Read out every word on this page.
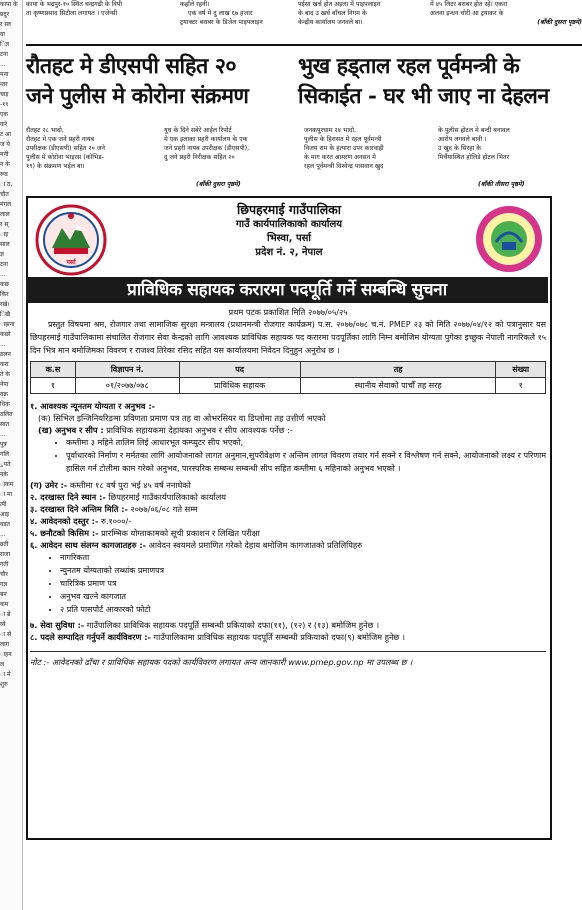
कापा के
प्रदुर
र स्ल
वा
िज्ञ
टना
...
मना
न्तर
चाइ
-१९
एक
करे
ट आ
ज ये
मनी
न के
रूड
ा ठ,
चौत
मंगल
लाल
र स्
ाइ
साल
ज्ञ
टना
...
कछ
किर
रखे।
िखै
ाझना
कछो
...
ठलन
करा
ते के
नेपा
वक्र
धिक
ठलित
स्वत
...
पुत्र
गलि
ुपते
नके
ाकम
ा मा
त्पी
आइ
वडत
...
व्रती
राजा
गती
चौर
गज्ञ
बन
कम
ा ब्रे
व्ये
ा से
लाग
ाहन
ल
ा मे
शुरु
कापा के भद्रपुर-१० स्थित चन्द्रगढी के विपी
ता कृष्णप्रसाद सिटौला लगायत । एजेन्सी
कहाँले रहनी।
एक वर्ष में दु लाख ६७ हजार
ट्रयाक्टर बराबर के डिजेल पाइपलाइन
पईसा खर्च होत अइला में पाइपलाइन
के बाद उ खर्च बाँचल निगम के
केन्द्रीय कार्यालय जनवले बा।
में ४५ लिटर बराबर होत रहे। एकरा
अलवा इन्धन चोरी आ ट्रयाकर के
(बाँकी दुसरा पृष्ठमे)
रौतहट मे डीएसपी सहित २०
जने पुलीस मे कोरोना संक्रमण
भुख हड्ताल रहल पूर्वमन्त्री के
सिकाईत - घर भी जाए ना देहलन
रौतहट २८ भादो,
रौतहट मे एक जने प्रहरी नायब
उपरीक्षक (डीएसपी) सहित २० जने
पुलीस में कोरोना भाइरस (कोभिड-
१९) के संक्रमण भईल बा।
युध के दिने सबेरे आईल रिपोर्ट
मे एक इलाका प्रहरी कार्यालय के एक
जने प्रहरी नायब उपरीक्षक (डीएसपी),
दु जने प्रहरी निरीक्षक सहित २०
(बाँकी दुसरा पृष्ठमे)
जनकपुरधाम २४ भादो,
पुलीस के हिरासत मे रहल पूर्वमन्त्री
विजय राम के हत्यारा उपर कारवाही
के माग करत आमरण अनसन मे
रहल पूर्वमन्त्री विश्वेन्द्र पासवान खुद
के पुलीस होटल मे बन्दी बनावल
आरोप लगवले बानी ।
उ खुद के सिरहा के
मिर्चैयास्थित होलिडे होटल भितर
(बाँकी तीसरा पृष्ठमे)
पर्सा
छिपहरमाई गाउँपालिका
गाउँ कार्यपालिकाको कार्यालय
भिस्वा, पर्सा
प्रदेश नं. २, नेपाल
प्राविधिक सहायक करारमा पदपूर्ति गर्ने सम्बन्धि सुचना
प्रथम पटक प्रकाशित मिति २०७७/०५/२५
प्रस्तुत विषयमा श्रम, रोजगार तथा सामाजिक सुरक्षा मन्त्रालय (प्रधानमन्त्री रोजगार कार्यक्रम) प.स. २०७७/०७८ च.नं. PMEP २३ को मिति २०७७/०४/१२ को पत्रानुसार यस छिपहरमाई गाउँपालिकामा संचालित रोजगार सेवा केन्द्रको लागि आवश्यक प्राविधिक सहायक पद करारमा पदपूर्तिका लागि निम्न बमोजिम योग्यता पुगेका इच्छुक नेपाली नागरिकले १५ दिन भित्र मान बमोजिमका विवरण र राजश्व तिरेका रसिद सहित यस कार्यालयमा निवेदन दिनुहुन अनुरोध छ ।
क.स	विज्ञापन नं.	पद	तह	संख्या
१	०१/२०७७/०७८	प्राविधिक सहायक	स्थानीय सेवाको पाचौँ तह सरह	१
१. आवश्यक न्यूनतम योग्यता र अनुभव :-
(क) सिभिल इन्जिनियरिङमा प्रविणता प्रमाण पत्र तह वा ओभरसियर वा डिप्लोमा तह उत्तीर्ण भएको
(ख) अनुभव र सीप : प्राविधिक सहायकमा देहायका अनुभव र सीप आवश्यक पर्नेछ :-
• कम्तीमा ३ महिने तालिम लिई आधारभूत कम्प्युटर सीप भएको,
• पूर्वाधारको निर्माण र मर्मतका लागि आयोजनाको लागत अनुमान,सुपरीवेक्षण र अन्तिम लागत विवरण तयार गर्न सक्ने र विश्लेषण गर्न सक्ने, आयोजनाको लक्ष्य र परिणाम हासिल गर्न टोलीमा काम गरेको अनुभव, पारस्परिक सम्बन्ध सम्बन्धी सीप सहित कम्तीमा ६ महिनाको अनुभव भएको ।
(ग) उमेर :- कम्तीमा १८ वर्ष पुरा भई ४५ वर्ष ननाघेको
२. दरखास्त दिने स्थान :- छिपहरमाई गाउँकार्यपालिकाको कार्यालय
३. दरखास्त दिने अन्तिम मिति :- २०७७/०६/०८ गते सम्म
४. आवेदनको दस्तुर :- रु.१०००/-
५. छनौटको किसिम :- प्रारम्भिक योग्ताकामको सूची प्रकाशन र लिखित परीक्षा
६. आवेदन साथ संलग्न कागजातहरु :- आवेदन स्वयमले प्रमाणित गरेको देहाय बमोजिम कागजातको प्रतिलिपिहरु
• नागरिकता
• न्युनतम योग्यताको लब्धांक प्रमाणपत्र
• चारित्रिक प्रमाण पत्र
• अनुभव खल्ने कागजात
• २ प्रति पासपोर्ट आकारको फोटो
७. सेवा सुविधा :- गाउँपालिका प्राविधिक सहायक पदपूर्ति सम्बन्धी प्रकियाको दफा(११), (१२) र (१३) बमोजिम हुनेछ ।
८. पदले सम्पादित गर्नुपर्ने कार्यविवरण :- गाउँपालिकामा प्राविधिक सहायक पदपूर्ति सम्बन्धी प्रकियाको दफा(९) बमोजिम हुनेछ ।
नोट :- आवेदनको ढाँचा र प्राविधिक सहायक पदको कार्यविवरण लगायत अन्य जानकारी www.pmep.gov.np मा उपलब्ध छ ।
